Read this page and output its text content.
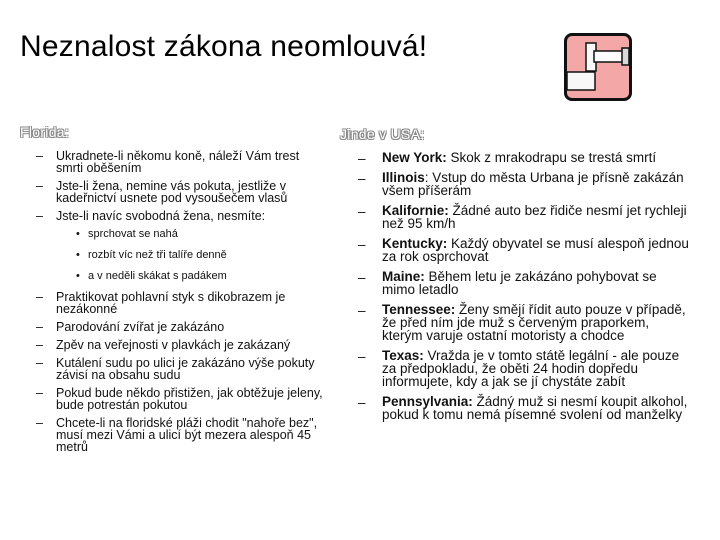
Neznalost zákona neomlouvá!
Florida:
– Ukradnete-li někomu koně, náleží Vám trest smrti oběšením
– Jste-li žena, nemine vás pokuta, jestliže v kadeřnictví usnete pod vysoušečem vlasů
– Jste-li navíc svobodná žena, nesmíte:
• sprchovat se nahá
• rozbít víc než tři talíře denně
• a v neděli skákat s padákem
– Praktikovat pohlavní styk s dikobrazem je nezákonné
– Parodování zvířat je zakázáno
– Zpěv na veřejnosti v plavkách je zakázaný
– Kutálení sudu po ulici je zakázáno výše pokuty závisí na obsahu sudu
– Pokud bude někdo přistižen, jak obtěžuje jeleny, bude potrestán pokutou
– Chcete-li na floridské pláži chodit "nahoře bez", musí mezi Vámi a ulicí být mezera alespoň 45 metrů
Jinde v USA:
– New York: Skok z mrakodrapu se trestá smrtí
– Illinois: Vstup do města Urbana je přísně zakázán všem příšerám
– Kalifornie: Žádné auto bez řidiče nesmí jet rychleji než 95 km/h
– Kentucky: Každý obyvatel se musí alespoň jednou za rok osprchovat
– Maine: Během letu je zakázáno pohybovat se mimo letadlo
– Tennessee: Ženy smějí řídit auto pouze v případě, že před ním jde muž s červeným praporkem, kterým varuje ostatní motoristy a chodce
– Texas: Vražda je v tomto státě legální - ale pouze za předpokladu, že oběti 24 hodin dopředu informujete, kdy a jak se jí chystáte zabít
– Pennsylvania: Žádný muž si nesmí koupit alkohol, pokud k tomu nemá písemné svolení od manželky
